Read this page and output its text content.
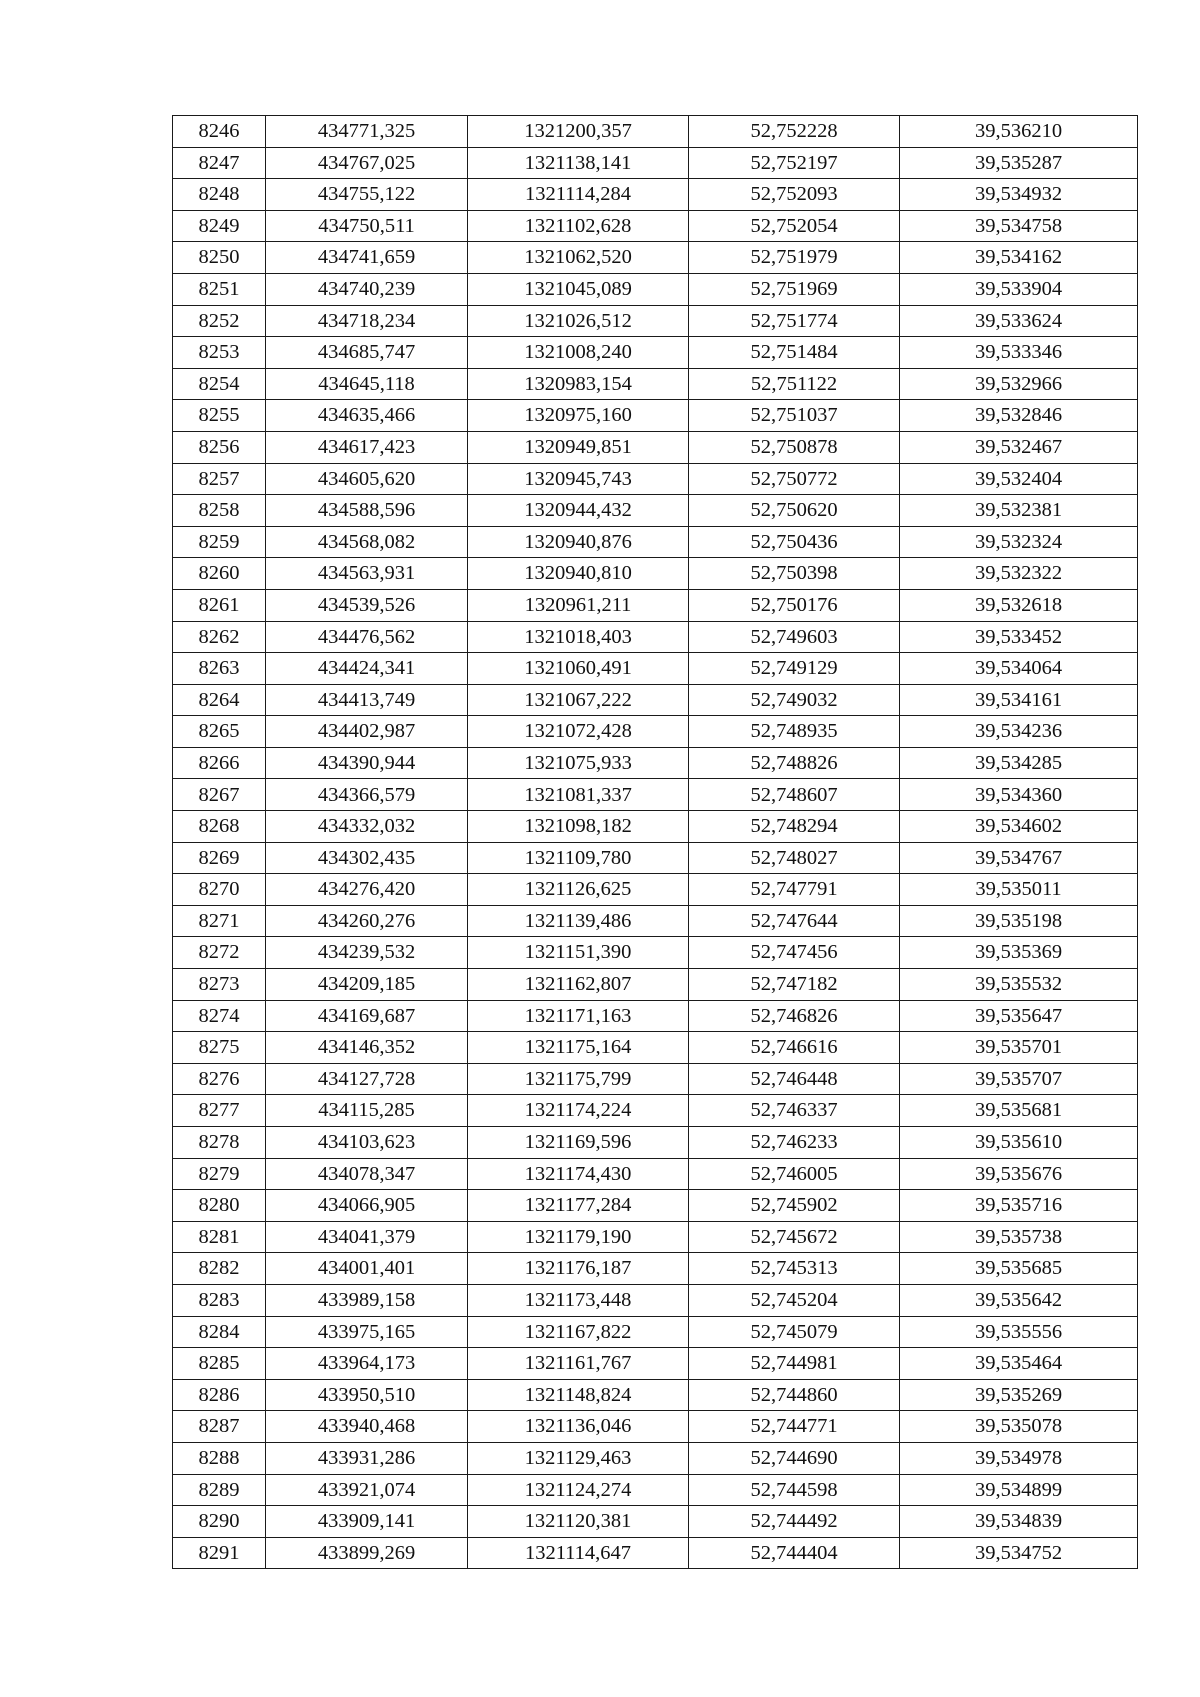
8246	434771,325	1321200,357	52,752228	39,536210
8247	434767,025	1321138,141	52,752197	39,535287
8248	434755,122	1321114,284	52,752093	39,534932
8249	434750,511	1321102,628	52,752054	39,534758
8250	434741,659	1321062,520	52,751979	39,534162
8251	434740,239	1321045,089	52,751969	39,533904
8252	434718,234	1321026,512	52,751774	39,533624
8253	434685,747	1321008,240	52,751484	39,533346
8254	434645,118	1320983,154	52,751122	39,532966
8255	434635,466	1320975,160	52,751037	39,532846
8256	434617,423	1320949,851	52,750878	39,532467
8257	434605,620	1320945,743	52,750772	39,532404
8258	434588,596	1320944,432	52,750620	39,532381
8259	434568,082	1320940,876	52,750436	39,532324
8260	434563,931	1320940,810	52,750398	39,532322
8261	434539,526	1320961,211	52,750176	39,532618
8262	434476,562	1321018,403	52,749603	39,533452
8263	434424,341	1321060,491	52,749129	39,534064
8264	434413,749	1321067,222	52,749032	39,534161
8265	434402,987	1321072,428	52,748935	39,534236
8266	434390,944	1321075,933	52,748826	39,534285
8267	434366,579	1321081,337	52,748607	39,534360
8268	434332,032	1321098,182	52,748294	39,534602
8269	434302,435	1321109,780	52,748027	39,534767
8270	434276,420	1321126,625	52,747791	39,535011
8271	434260,276	1321139,486	52,747644	39,535198
8272	434239,532	1321151,390	52,747456	39,535369
8273	434209,185	1321162,807	52,747182	39,535532
8274	434169,687	1321171,163	52,746826	39,535647
8275	434146,352	1321175,164	52,746616	39,535701
8276	434127,728	1321175,799	52,746448	39,535707
8277	434115,285	1321174,224	52,746337	39,535681
8278	434103,623	1321169,596	52,746233	39,535610
8279	434078,347	1321174,430	52,746005	39,535676
8280	434066,905	1321177,284	52,745902	39,535716
8281	434041,379	1321179,190	52,745672	39,535738
8282	434001,401	1321176,187	52,745313	39,535685
8283	433989,158	1321173,448	52,745204	39,535642
8284	433975,165	1321167,822	52,745079	39,535556
8285	433964,173	1321161,767	52,744981	39,535464
8286	433950,510	1321148,824	52,744860	39,535269
8287	433940,468	1321136,046	52,744771	39,535078
8288	433931,286	1321129,463	52,744690	39,534978
8289	433921,074	1321124,274	52,744598	39,534899
8290	433909,141	1321120,381	52,744492	39,534839
8291	433899,269	1321114,647	52,744404	39,534752
